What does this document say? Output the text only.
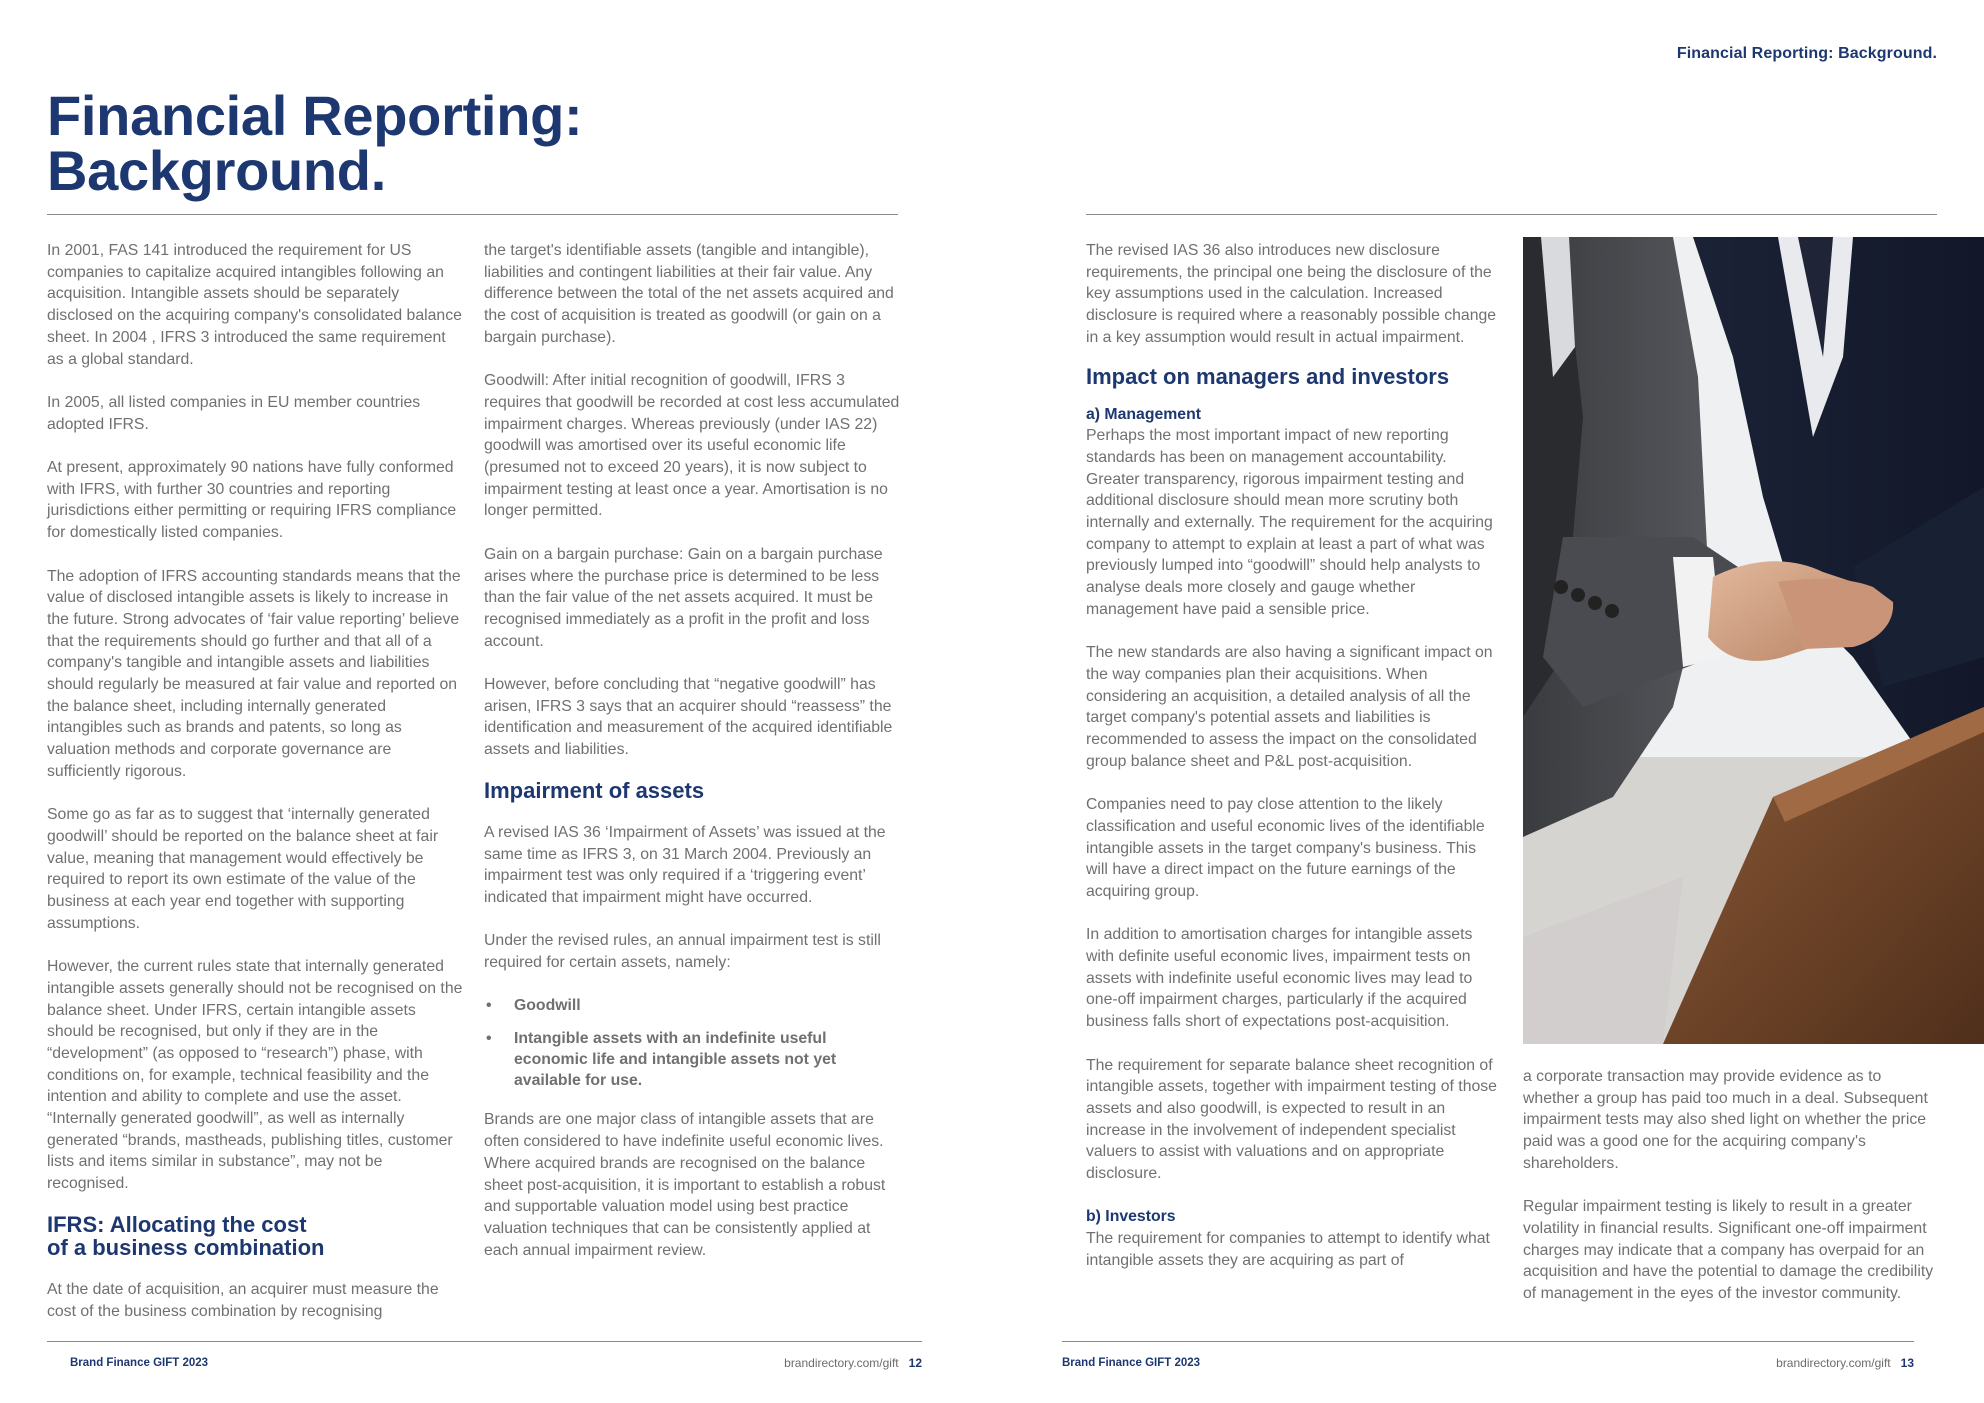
Financial Reporting:
Background.

In 2001, FAS 141 introduced the requirement for US companies to capitalize acquired intangibles following an acquisition. Intangible assets should be separately disclosed on the acquiring company's consolidated balance sheet. In 2004 , IFRS 3 introduced the same requirement as a global standard.

In 2005, all listed companies in EU member countries adopted IFRS.

At present, approximately 90 nations have fully conformed with IFRS, with further 30 countries and reporting jurisdictions either permitting or requiring IFRS compliance for domestically listed companies.

The adoption of IFRS accounting standards means that the value of disclosed intangible assets is likely to increase in the future. Strong advocates of ‘fair value reporting’ believe that the requirements should go further and that all of a company's tangible and intangible assets and liabilities should regularly be measured at fair value and reported on the balance sheet, including internally generated intangibles such as brands and patents, so long as valuation methods and corporate governance are sufficiently rigorous.

Some go as far as to suggest that ‘internally generated goodwill’ should be reported on the balance sheet at fair value, meaning that management would effectively be required to report its own estimate of the value of the business at each year end together with supporting assumptions.

However, the current rules state that internally generated intangible assets generally should not be recognised on the balance sheet. Under IFRS, certain intangible assets should be recognised, but only if they are in the “development” (as opposed to “research”) phase, with conditions on, for example, technical feasibility and the intention and ability to complete and use the asset. “Internally generated goodwill”, as well as internally generated “brands, mastheads, publishing titles, customer lists and items similar in substance”, may not be recognised.

IFRS: Allocating the cost
of a business combination

At the date of acquisition, an acquirer must measure the cost of the business combination by recognising

the target's identifiable assets (tangible and intangible), liabilities and contingent liabilities at their fair value. Any difference between the total of the net assets acquired and the cost of acquisition is treated as goodwill (or gain on a bargain purchase).

Goodwill: After initial recognition of goodwill, IFRS 3 requires that goodwill be recorded at cost less accumulated impairment charges. Whereas previously (under IAS 22) goodwill was amortised over its useful economic life (presumed not to exceed 20 years), it is now subject to impairment testing at least once a year. Amortisation is no longer permitted.

Gain on a bargain purchase: Gain on a bargain purchase arises where the purchase price is determined to be less than the fair value of the net assets acquired. It must be recognised immediately as a profit in the profit and loss account.

However, before concluding that “negative goodwill” has arisen, IFRS 3 says that an acquirer should “reassess” the identification and measurement of the acquired identifiable assets and liabilities.

Impairment of assets

A revised IAS 36 ‘Impairment of Assets’ was issued at the same time as IFRS 3, on 31 March 2004. Previously an impairment test was only required if a ‘triggering event’ indicated that impairment might have occurred.

Under the revised rules, an annual impairment test is still required for certain assets, namely:

• Goodwill
• Intangible assets with an indefinite useful economic life and intangible assets not yet available for use.

Brands are one major class of intangible assets that are often considered to have indefinite useful economic lives. Where acquired brands are recognised on the balance sheet post-acquisition, it is important to establish a robust and supportable valuation model using best practice valuation techniques that can be consistently applied at each annual impairment review.

Brand Finance GIFT 2023	brandirectory.com/gift 12
Financial Reporting: Background.

The revised IAS 36 also introduces new disclosure requirements, the principal one being the disclosure of the key assumptions used in the calculation. Increased disclosure is required where a reasonably possible change in a key assumption would result in actual impairment.

Impact on managers and investors
a) Management

Perhaps the most important impact of new reporting standards has been on management accountability. Greater transparency, rigorous impairment testing and additional disclosure should mean more scrutiny both internally and externally. The requirement for the acquiring company to attempt to explain at least a part of what was previously lumped into “goodwill” should help analysts to analyse deals more closely and gauge whether management have paid a sensible price.

The new standards are also having a significant impact on the way companies plan their acquisitions. When considering an acquisition, a detailed analysis of all the target company's potential assets and liabilities is recommended to assess the impact on the consolidated group balance sheet and P&L post-acquisition.

Companies need to pay close attention to the likely classification and useful economic lives of the identifiable intangible assets in the target company's business. This will have a direct impact on the future earnings of the acquiring group.

In addition to amortisation charges for intangible assets with definite useful economic lives, impairment tests on assets with indefinite useful economic lives may lead to one-off impairment charges, particularly if the acquired business falls short of expectations post-acquisition.

The requirement for separate balance sheet recognition of intangible assets, together with impairment testing of those assets and also goodwill, is expected to result in an increase in the involvement of independent specialist valuers to assist with valuations and on appropriate disclosure.

b) Investors

The requirement for companies to attempt to identify what intangible assets they are acquiring as part of

a corporate transaction may provide evidence as to whether a group has paid too much in a deal. Subsequent impairment tests may also shed light on whether the price paid was a good one for the acquiring company's shareholders.

Regular impairment testing is likely to result in a greater volatility in financial results. Significant one-off impairment charges may indicate that a company has overpaid for an acquisition and have the potential to damage the credibility of management in the eyes of the investor community.

Brand Finance GIFT 2023	brandirectory.com/gift 13
